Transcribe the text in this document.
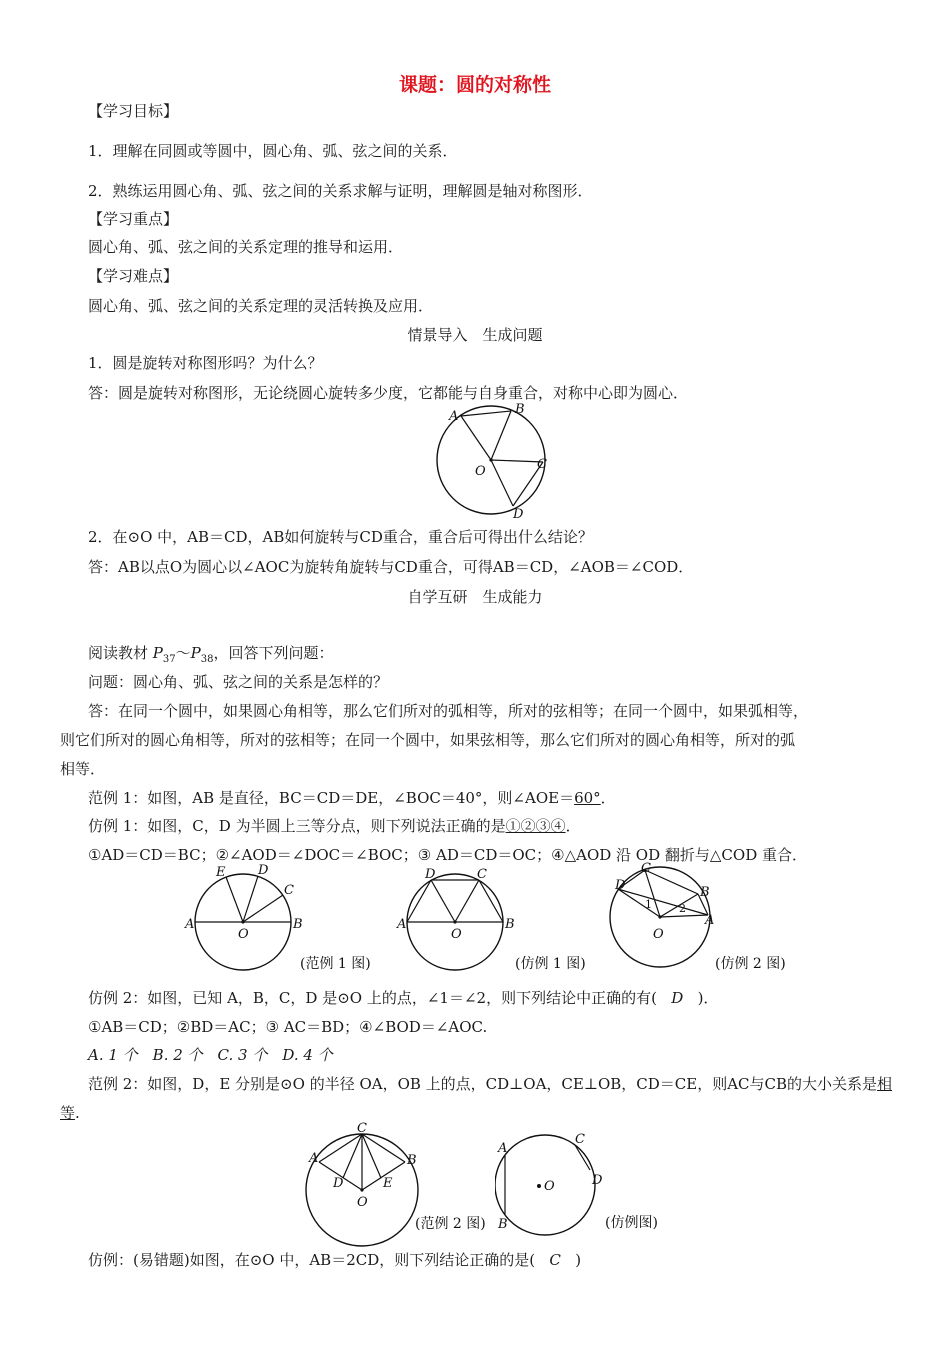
课题：圆的对称性
【学习目标】
1．理解在同圆或等圆中，圆心角、弧、弦之间的关系．
2．熟练运用圆心角、弧、弦之间的关系求解与证明，理解圆是轴对称图形．
【学习重点】
圆心角、弧、弦之间的关系定理的推导和运用．
【学习难点】
圆心角、弧、弦之间的关系定理的灵活转换及应用．
情景导入　生成问题
1．圆是旋转对称图形吗？为什么？
答：圆是旋转对称图形，无论绕圆心旋转多少度，它都能与自身重合，对称中心即为圆心．
A	B
C
D
O
2．在⊙O 中，AB＝CD，AB如何旋转与CD重合，重合后可得出什么结论？
答：AB以点O为圆心以∠AOC为旋转角旋转与CD重合，可得AB＝CD，∠AOB＝∠COD．
自学互研　生成能力
阅读教材 $P_{37}\sim P_{38}$，回答下列问题：
问题：圆心角、弧、弦之间的关系是怎样的？
答：在同一个圆中，如果圆心角相等，那么它们所对的弧相等，所对的弦相等；在同一个圆中，如果弧相等，
则它们所对的圆心角相等，所对的弦相等；在同一个圆中，如果弦相等，那么它们所对的圆心角相等，所对的弧
相等．
范例 1：如图，AB 是直径，BC＝CD＝DE，∠BOC＝40°，则∠AOE＝60°．
仿例 1：如图，C，D 为半圆上三等分点，则下列说法正确的是①②③④．
①AD＝CD＝BC；②∠AOD＝∠DOC＝∠BOC；③ AD＝CD＝OC；④△AOD 沿 OD 翻折与△COD 重合．
A	B
C
D
E
O
(范例 1 图)
A	B
C
D
O
(仿例 1 图)
D
C
B
A
1 2
O
(仿例 2 图)
仿例 2：如图，已知 A，B，C，D 是⊙O 上的点，∠1＝∠2，则下列结论中正确的有( D )．
①AB＝CD；②BD＝AC；③ AC＝BD；④∠BOD＝∠AOC.
A. 1 个　B. 2 个　C. 3 个　D. 4 个
范例 2：如图，D，E 分别是⊙O 的半径 OA，OB 上的点，CD⊥OA，CE⊥OB，CD＝CE，则AC与CB的大小关系是相
等.
A	B
C
D	E
O
(范例 2 图)
A
B
C
D
O
(仿例图)
仿例：(易错题)如图，在⊙O 中，AB＝2CD，则下列结论正确的是( C )
